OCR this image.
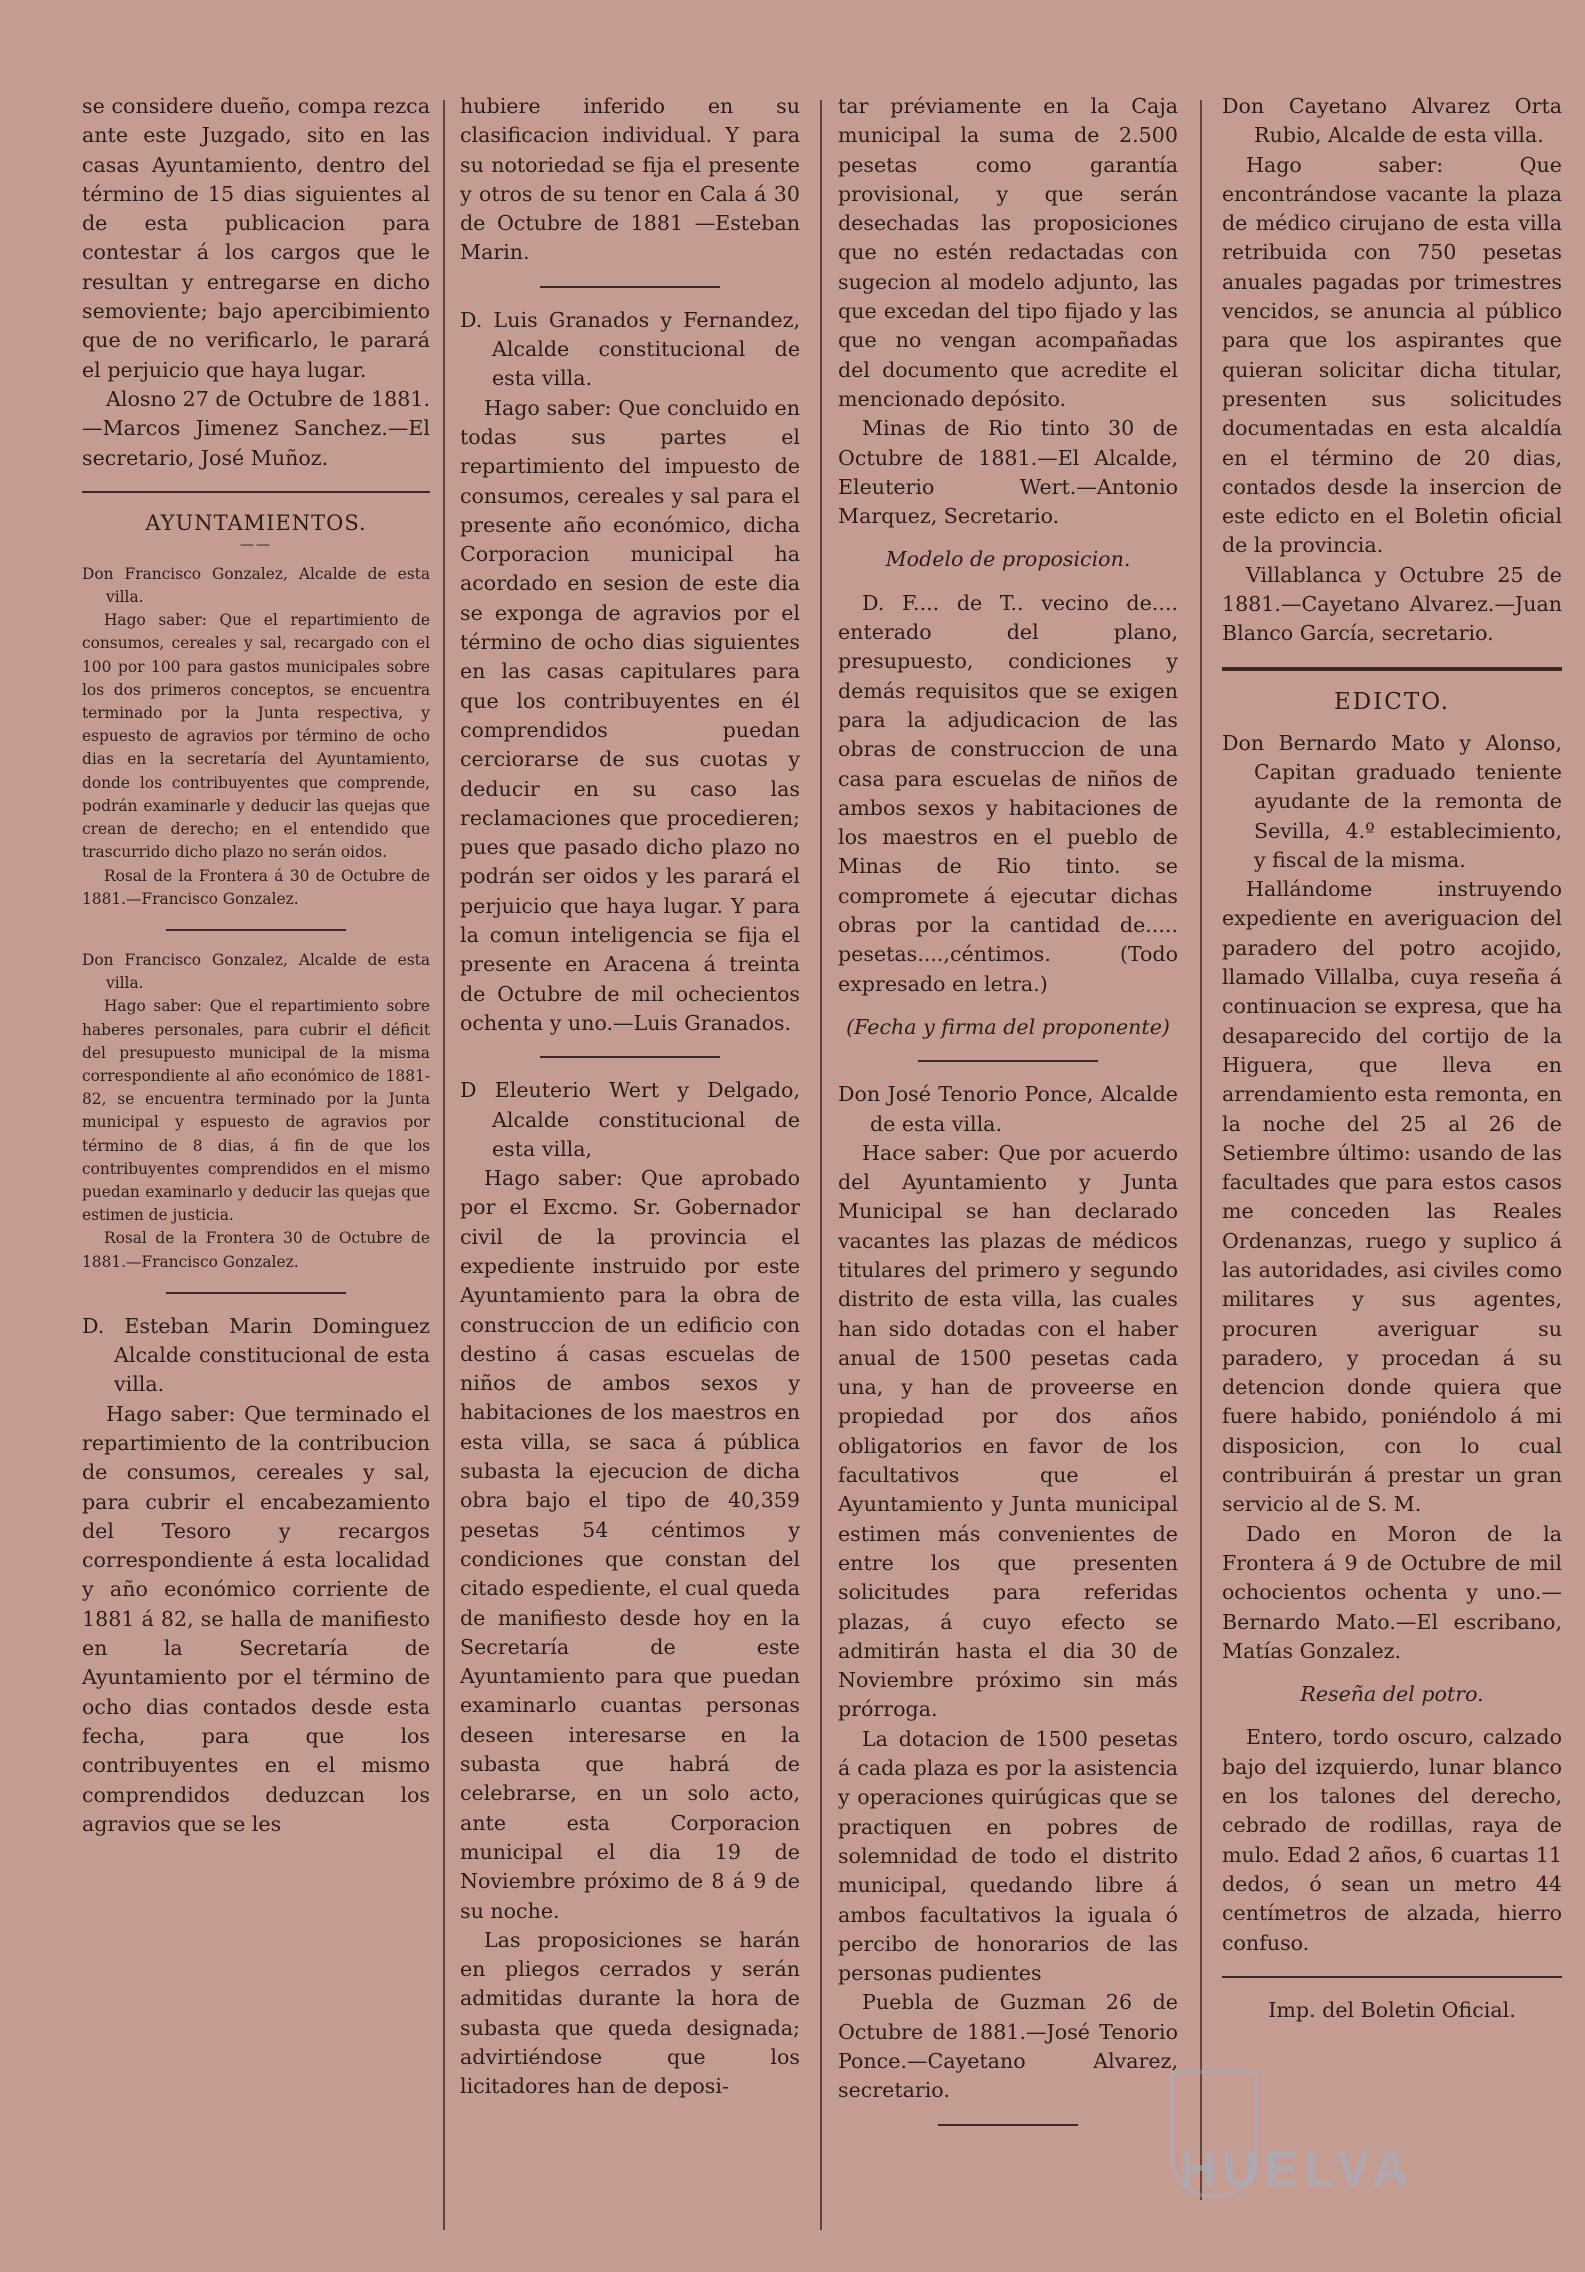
se considere dueño, compa rezca ante este Juzgado, sito en las casas Ayuntamiento, dentro del término de 15 dias siguientes al de esta publicacion para contestar á los cargos que le resultan y entregarse en dicho semoviente; bajo apercibimiento que de no verificarlo, le parará el perjuicio que haya lugar.

Alosno 27 de Octubre de 1881.—Marcos Jimenez Sanchez.—El secretario, José Muñoz.

AYUNTAMIENTOS.
——

Don Francisco Gonzalez, Alcalde de esta villa.

Hago saber: Que el repartimiento de consumos, cereales y sal, recargado con el 100 por 100 para gastos municipales sobre los dos primeros conceptos, se encuentra terminado por la Junta respectiva, y espuesto de agravios por término de ocho dias en la secretaría del Ayuntamiento, donde los contribuyentes que comprende, podrán examinarle y deducir las quejas que crean de derecho; en el entendido que trascurrido dicho plazo no serán oidos.

Rosal de la Frontera á 30 de Octubre de 1881.—Francisco Gonzalez.

Don Francisco Gonzalez, Alcalde de esta villa.

Hago saber: Que el repartimiento sobre haberes personales, para cubrir el déficit del presupuesto municipal de la misma correspondiente al año económico de 1881-82, se encuentra terminado por la Junta municipal y espuesto de agravios por término de 8 dias, á fin de que los contribuyentes comprendidos en el mismo puedan examinarlo y deducir las quejas que estimen de justicia.

Rosal de la Frontera 30 de Octubre de 1881.—Francisco Gonzalez.

D. Esteban Marin Dominguez Alcalde constitucional de esta villa.

Hago saber: Que terminado el repartimiento de la contribucion de consumos, cereales y sal, para cubrir el encabezamiento del Tesoro y recargos correspondiente á esta localidad y año económico corriente de 1881 á 82, se halla de manifiesto en la Secretaría de Ayuntamiento por el término de ocho dias contados desde esta fecha, para que los contribuyentes en el mismo comprendidos deduzcan los agravios que se les

hubiere inferido en su clasificacion individual. Y para su notoriedad se fija el presente y otros de su tenor en Cala á 30 de Octubre de 1881 —Esteban Marin.

D. Luis Granados y Fernandez, Alcalde constitucional de esta villa.

Hago saber: Que concluido en todas sus partes el repartimiento del impuesto de consumos, cereales y sal para el presente año económico, dicha Corporacion municipal ha acordado en sesion de este dia se exponga de agravios por el término de ocho dias siguientes en las casas capitulares para que los contribuyentes en él comprendidos puedan cerciorarse de sus cuotas y deducir en su caso las reclamaciones que procedieren; pues que pasado dicho plazo no podrán ser oidos y les parará el perjuicio que haya lugar. Y para la comun inteligencia se fija el presente en Aracena á treinta de Octubre de mil ochecientos ochenta y uno.—Luis Granados.

D Eleuterio Wert y Delgado, Alcalde constitucional de esta villa,

Hago saber: Que aprobado por el Excmo. Sr. Gobernador civil de la provincia el expediente instruido por este Ayuntamiento para la obra de construccion de un edificio con destino á casas escuelas de niños de ambos sexos y habitaciones de los maestros en esta villa, se saca á pública subasta la ejecucion de dicha obra bajo el tipo de 40,359 pesetas 54 céntimos y condiciones que constan del citado espediente, el cual queda de manifiesto desde hoy en la Secretaría de este Ayuntamiento para que puedan examinarlo cuantas personas deseen interesarse en la subasta que habrá de celebrarse, en un solo acto, ante esta Corporacion municipal el dia 19 de Noviembre próximo de 8 á 9 de su noche.

Las proposiciones se harán en pliegos cerrados y serán admitidas durante la hora de subasta que queda designada; advirtiéndose que los licitadores han de deposi-

tar préviamente en la Caja municipal la suma de 2.500 pesetas como garantía provisional, y que serán desechadas las proposiciones que no estén redactadas con sugecion al modelo adjunto, las que excedan del tipo fijado y las que no vengan acompañadas del documento que acredite el mencionado depósito.

Minas de Rio tinto 30 de Octubre de 1881.—El Alcalde, Eleuterio Wert.—Antonio Marquez, Secretario.

Modelo de proposicion.

D. F.... de T.. vecino de.... enterado del plano, presupuesto, condiciones y demás requisitos que se exigen para la adjudicacion de las obras de construccion de una casa para escuelas de niños de ambos sexos y habitaciones de los maestros en el pueblo de Minas de Rio tinto. se compromete á ejecutar dichas obras por la cantidad de..... pesetas....,céntimos. (Todo expresado en letra.)

(Fecha y firma del proponente)

Don José Tenorio Ponce, Alcalde de esta villa.

Hace saber: Que por acuerdo del Ayuntamiento y Junta Municipal se han declarado vacantes las plazas de médicos titulares del primero y segundo distrito de esta villa, las cuales han sido dotadas con el haber anual de 1500 pesetas cada una, y han de proveerse en propiedad por dos años obligatorios en favor de los facultativos que el Ayuntamiento y Junta municipal estimen más convenientes de entre los que presenten solicitudes para referidas plazas, á cuyo efecto se admitirán hasta el dia 30 de Noviembre próximo sin más prórroga.

La dotacion de 1500 pesetas á cada plaza es por la asistencia y operaciones quirúgicas que se practiquen en pobres de solemnidad de todo el distrito municipal, quedando libre á ambos facultativos la iguala ó percibo de honorarios de las personas pudientes

Puebla de Guzman 26 de Octubre de 1881.—José Tenorio Ponce.—Cayetano Alvarez, secretario.

Don Cayetano Alvarez Orta Rubio, Alcalde de esta villa.

Hago saber: Que encontrándose vacante la plaza de médico cirujano de esta villa retribuida con 750 pesetas anuales pagadas por trimestres vencidos, se anuncia al público para que los aspirantes que quieran solicitar dicha titular, presenten sus solicitudes documentadas en esta alcaldía en el término de 20 dias, contados desde la insercion de este edicto en el Boletin oficial de la provincia.

Villablanca y Octubre 25 de 1881.—Cayetano Alvarez.—Juan Blanco García, secretario.

EDICTO.

Don Bernardo Mato y Alonso, Capitan graduado teniente ayudante de la remonta de Sevilla, 4.º establecimiento, y fiscal de la misma.

Hallándome instruyendo expediente en averiguacion del paradero del potro acojido, llamado Villalba, cuya reseña á continuacion se expresa, que ha desaparecido del cortijo de la Higuera, que lleva en arrendamiento esta remonta, en la noche del 25 al 26 de Setiembre último: usando de las facultades que para estos casos me conceden las Reales Ordenanzas, ruego y suplico á las autoridades, asi civiles como militares y sus agentes, procuren averiguar su paradero, y procedan á su detencion donde quiera que fuere habido, poniéndolo á mi disposicion, con lo cual contribuirán á prestar un gran servicio al de S. M.

Dado en Moron de la Frontera á 9 de Octubre de mil ochocientos ochenta y uno.—Bernardo Mato.—El escribano, Matías Gonzalez.

Reseña del potro.

Entero, tordo oscuro, calzado bajo del izquierdo, lunar blanco en los talones del derecho, cebrado de rodillas, raya de mulo. Edad 2 años, 6 cuartas 11 dedos, ó sean un metro 44 centímetros de alzada, hierro confuso.

Imp. del Boletin Oficial.

HUELVA
